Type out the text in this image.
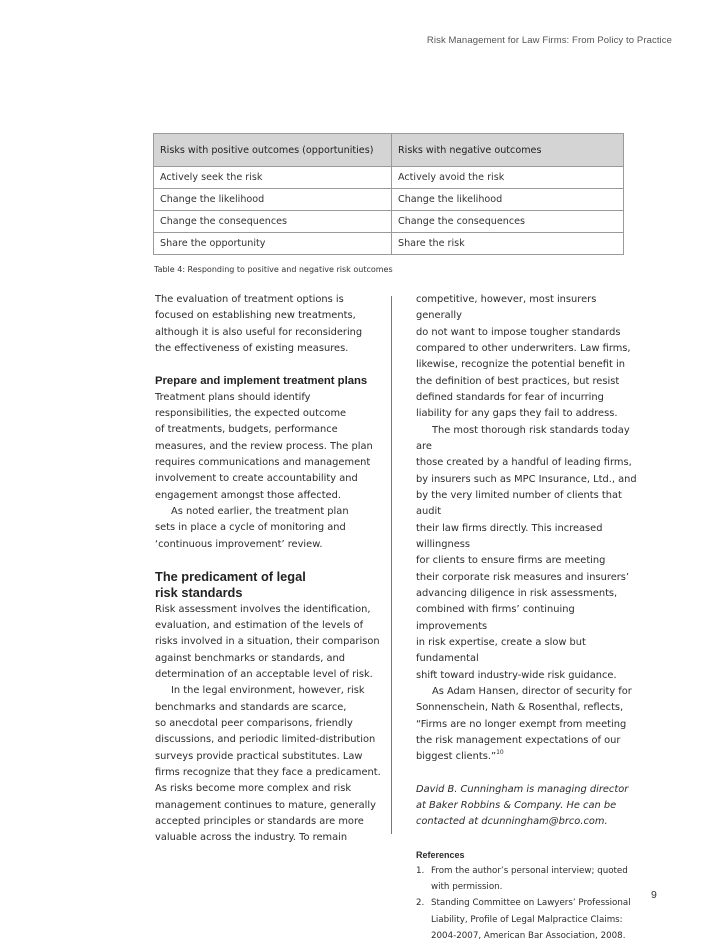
Risk Management for Law Firms: From Policy to Practice
Risks with positive outcomes (opportunities)	Risks with negative outcomes
Actively seek the risk	Actively avoid the risk
Change the likelihood	Change the likelihood
Change the consequences	Change the consequences
Share the opportunity	Share the risk
Table 4: Responding to positive and negative risk outcomes

The evaluation of treatment options is
focused on establishing new treatments,
although it is also useful for reconsidering
the effectiveness of existing measures.

Prepare and implement treatment plans

Treatment plans should identify
responsibilities, the expected outcome
of treatments, budgets, performance
measures, and the review process. The plan
requires communications and management
involvement to create accountability and
engagement amongst those affected.

As noted earlier, the treatment plan
sets in place a cycle of monitoring and
‘continuous improvement’ review.

The predicament of legal
risk standards

Risk assessment involves the identification,
evaluation, and estimation of the levels of
risks involved in a situation, their comparison
against benchmarks or standards, and
determination of an acceptable level of risk.

In the legal environment, however, risk
benchmarks and standards are scarce,
so anecdotal peer comparisons, friendly
discussions, and periodic limited-distribution
surveys provide practical substitutes. Law
firms recognize that they face a predicament.
As risks become more complex and risk
management continues to mature, generally
accepted principles or standards are more
valuable across the industry. To remain

competitive, however, most insurers generally
do not want to impose tougher standards
compared to other underwriters. Law firms,
likewise, recognize the potential benefit in
the definition of best practices, but resist
defined standards for fear of incurring
liability for any gaps they fail to address.

The most thorough risk standards today are
those created by a handful of leading firms,
by insurers such as MPC Insurance, Ltd., and
by the very limited number of clients that audit
their law firms directly. This increased willingness
for clients to ensure firms are meeting
their corporate risk measures and insurers’
advancing diligence in risk assessments,
combined with firms’ continuing improvements
in risk expertise, create a slow but fundamental
shift toward industry-wide risk guidance.

As Adam Hansen, director of security for
Sonnenschein, Nath & Rosenthal, reflects,
“Firms are no longer exempt from meeting
the risk management expectations of our
biggest clients.”$^{10}$

David B. Cunningham is managing director
at Baker Robbins & Company. He can be
contacted at dcunningham@brco.com.

References

1. From the author’s personal interview; quoted
with permission.
2. Standing Committee on Lawyers’ Professional
Liability, Profile of Legal Malpractice Claims:
2004-2007, American Bar Association, 2008.
9
